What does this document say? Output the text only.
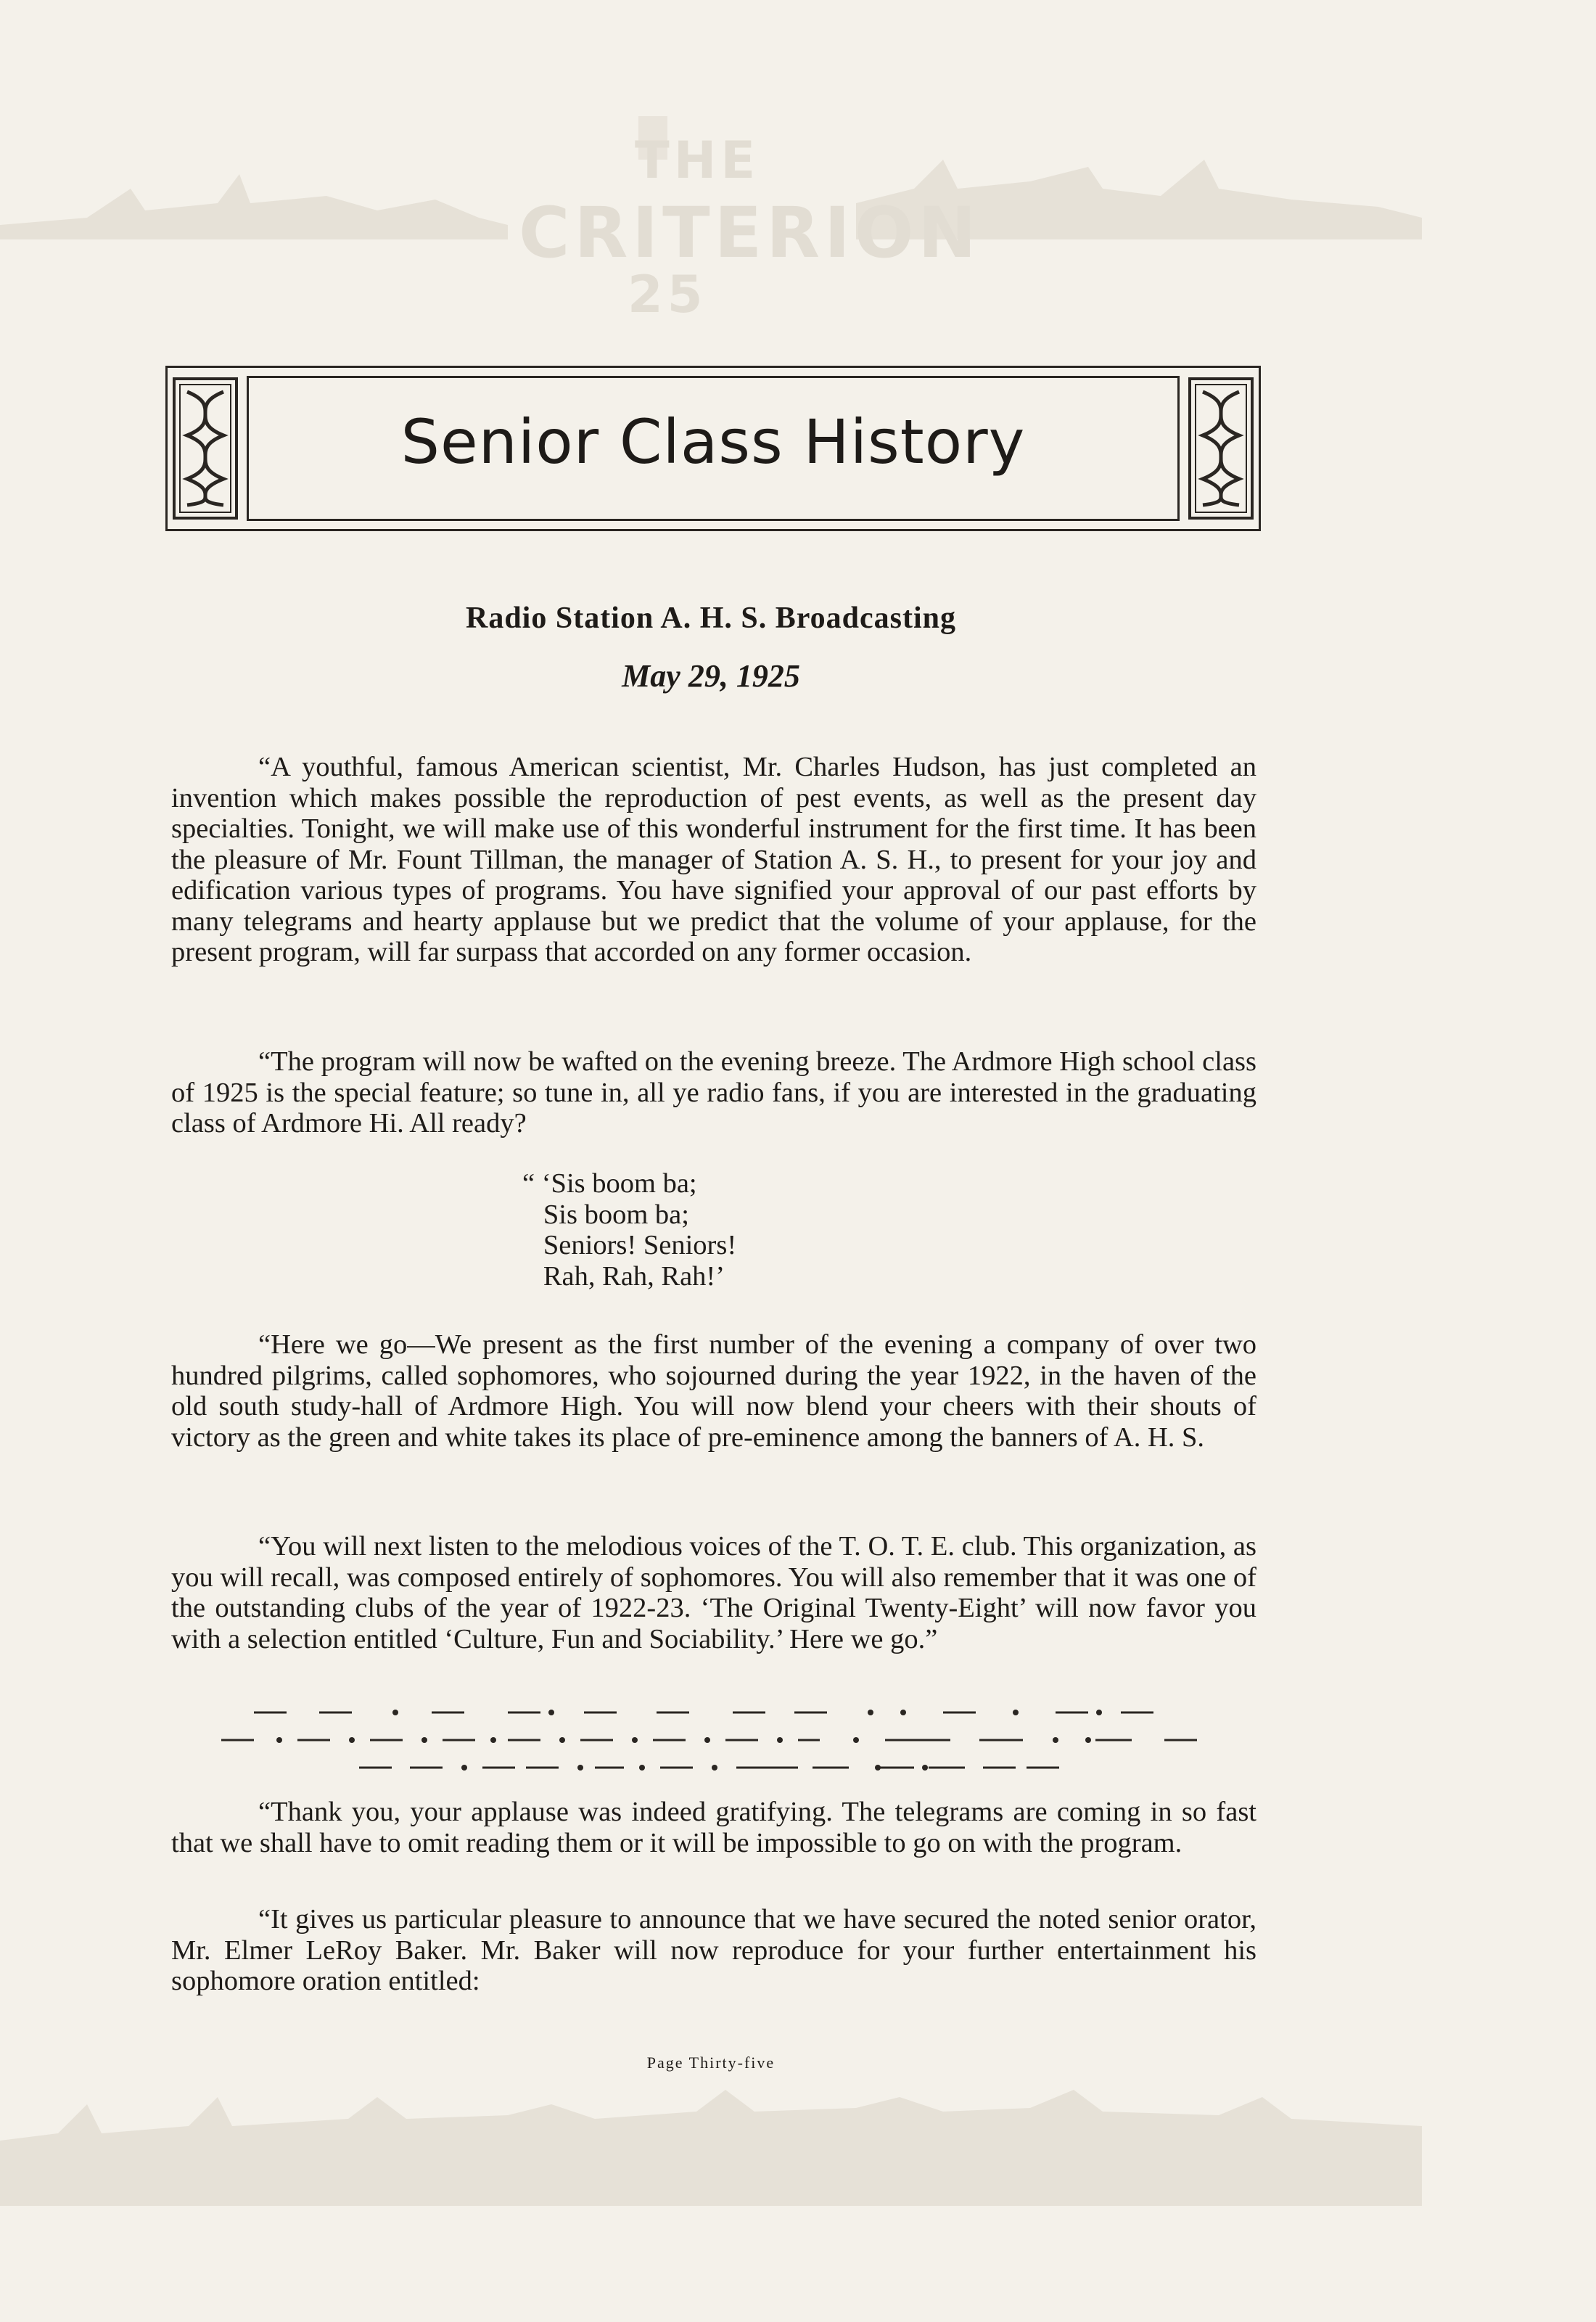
THE
CRITERION
25
Senior Class History
Radio Station A. H. S. Broadcasting
May 29, 1925

“A youthful, famous American scientist, Mr. Charles Hudson, has just completed an invention which makes possible the reproduction of pest events, as well as the present day specialties. Tonight, we will make use of this wonderful instrument for the first time. It has been the pleasure of Mr. Fount Tillman, the manager of Station A. S. H., to present for your joy and edification various types of programs. You have signified your approval of our past efforts by many telegrams and hearty applause but we predict that the volume of your applause, for the present program, will far surpass that accorded on any former occasion.

“The program will now be wafted on the evening breeze. The Ardmore High school class of 1925 is the special feature; so tune in, all ye radio fans, if you are interested in the graduating class of Ardmore Hi. All ready?

“ ‘Sis boom ba;
Sis boom ba;
Seniors! Seniors!
Rah, Rah, Rah!’

“Here we go—We present as the first number of the evening a company of over two hundred pilgrims, called sophomores, who sojourned during the year 1922, in the haven of the old south study-hall of Ardmore High. You will now blend your cheers with their shouts of victory as the green and white takes its place of pre-eminence among the banners of A. H. S.

“You will next listen to the melodious voices of the T. O. T. E. club. This organization, as you will recall, was composed entirely of sophomores. You will also remember that it was one of the outstanding clubs of the year of 1922-23. ‘The Original Twenty-Eight’ will now favor you with a selection entitled ‘Culture, Fun and Sociability.’ Here we go.”

“Thank you, your applause was indeed gratifying. The telegrams are coming in so fast that we shall have to omit reading them or it will be impossible to go on with the program.

“It gives us particular pleasure to announce that we have secured the noted senior orator, Mr. Elmer LeRoy Baker. Mr. Baker will now reproduce for your further entertainment his sophomore oration entitled:

Page Thirty-five
